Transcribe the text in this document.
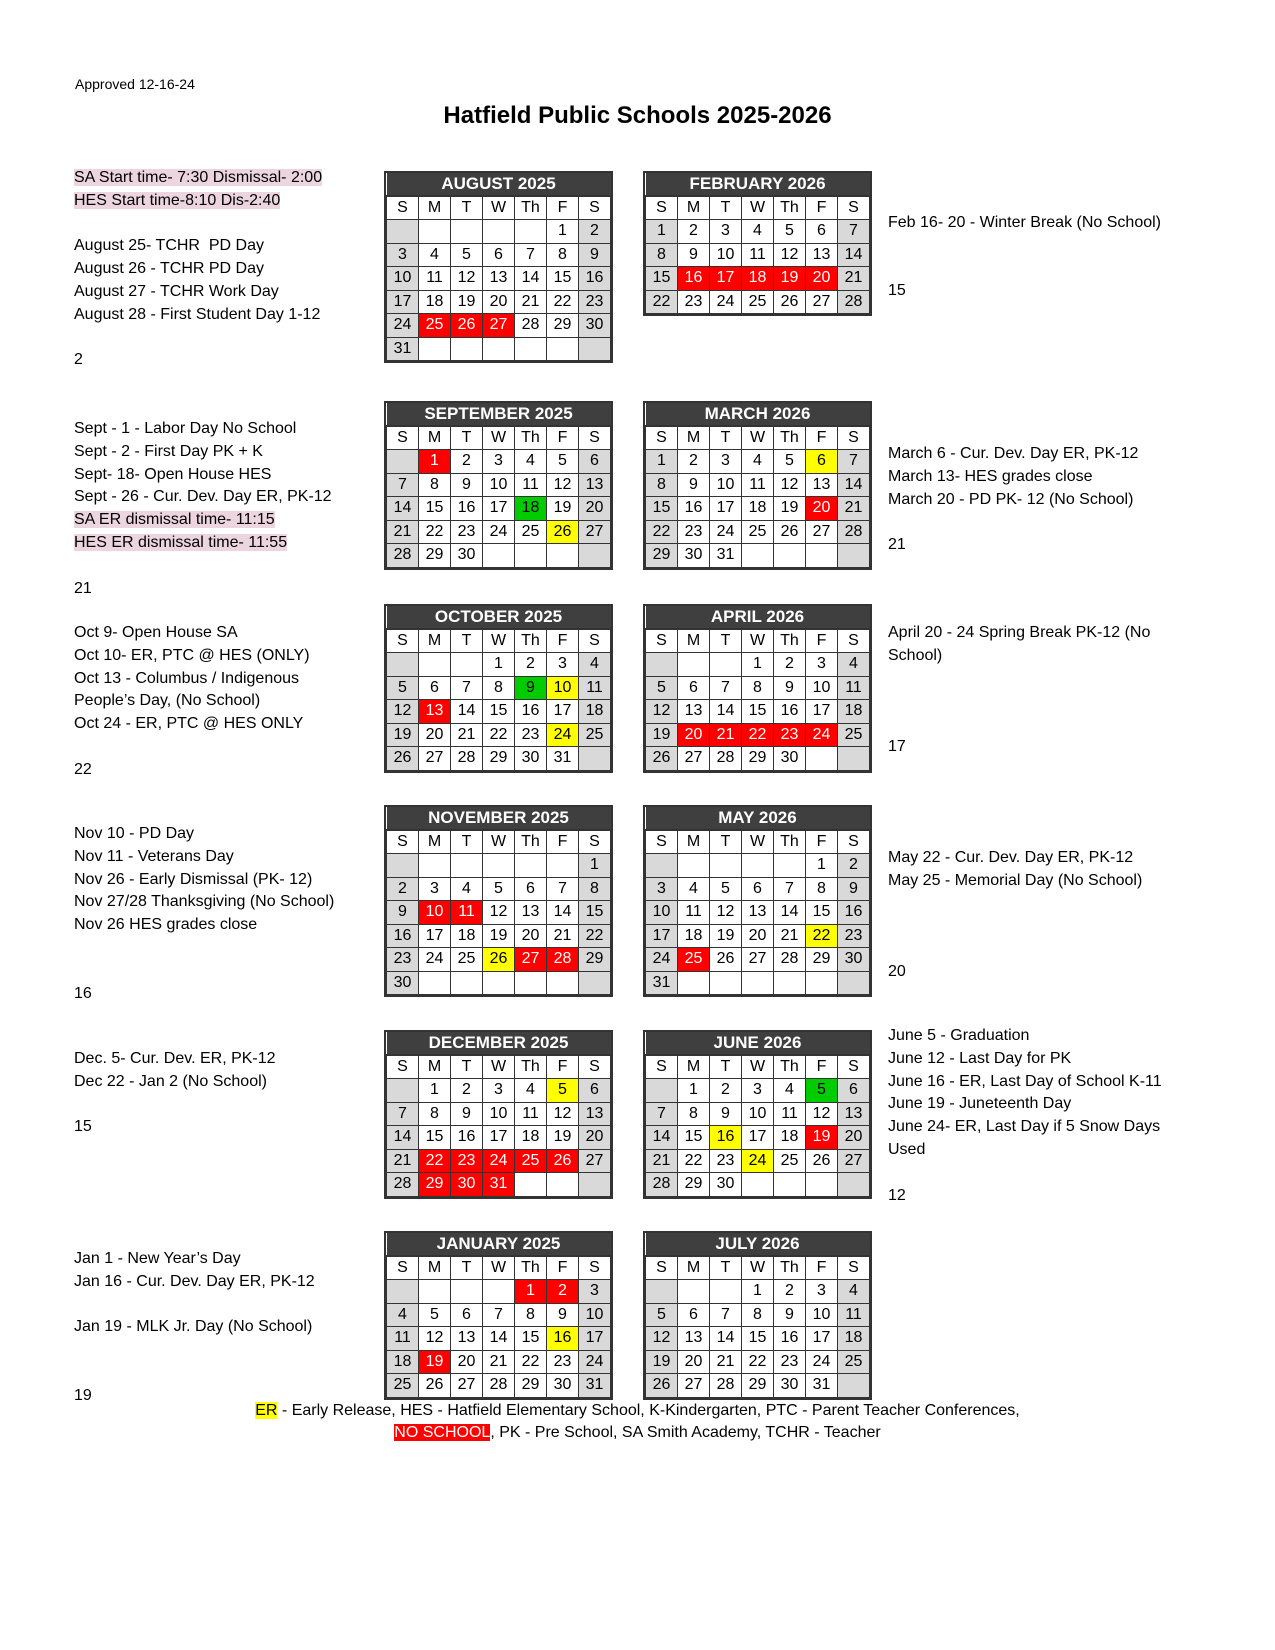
Approved 12-16-24
Hatfield Public Schools 2025-2026
AUGUST 2025						
S	M	T	W	Th	F	S
					1	2
3	4	5	6	7	8	9
10	11	12	13	14	15	16
17	18	19	20	21	22	23
24	25	26	27	28	29	30
31						
FEBRUARY 2026						
S	M	T	W	Th	F	S
1	2	3	4	5	6	7
8	9	10	11	12	13	14
15	16	17	18	19	20	21
22	23	24	25	26	27	28
SEPTEMBER 2025						
S	M	T	W	Th	F	S
	1	2	3	4	5	6
7	8	9	10	11	12	13
14	15	16	17	18	19	20
21	22	23	24	25	26	27
28	29	30				
MARCH 2026						
S	M	T	W	Th	F	S
1	2	3	4	5	6	7
8	9	10	11	12	13	14
15	16	17	18	19	20	21
22	23	24	25	26	27	28
29	30	31				
OCTOBER 2025						
S	M	T	W	Th	F	S
			1	2	3	4
5	6	7	8	9	10	11
12	13	14	15	16	17	18
19	20	21	22	23	24	25
26	27	28	29	30	31	
APRIL 2026						
S	M	T	W	Th	F	S
			1	2	3	4
5	6	7	8	9	10	11
12	13	14	15	16	17	18
19	20	21	22	23	24	25
26	27	28	29	30		
NOVEMBER 2025						
S	M	T	W	Th	F	S
						1
2	3	4	5	6	7	8
9	10	11	12	13	14	15
16	17	18	19	20	21	22
23	24	25	26	27	28	29
30						
MAY 2026						
S	M	T	W	Th	F	S
					1	2
3	4	5	6	7	8	9
10	11	12	13	14	15	16
17	18	19	20	21	22	23
24	25	26	27	28	29	30
31						
DECEMBER 2025						
S	M	T	W	Th	F	S
	1	2	3	4	5	6
7	8	9	10	11	12	13
14	15	16	17	18	19	20
21	22	23	24	25	26	27
28	29	30	31			
JUNE 2026						
S	M	T	W	Th	F	S
	1	2	3	4	5	6
7	8	9	10	11	12	13
14	15	16	17	18	19	20
21	22	23	24	25	26	27
28	29	30				
JANUARY 2025						
S	M	T	W	Th	F	S
				1	2	3
4	5	6	7	8	9	10
11	12	13	14	15	16	17
18	19	20	21	22	23	24
25	26	27	28	29	30	31
JULY 2026						
S	M	T	W	Th	F	S
			1	2	3	4
5	6	7	8	9	10	11
12	13	14	15	16	17	18
19	20	21	22	23	24	25
26	27	28	29	30	31	
SA Start time- 7:30 Dismissal- 2:00
HES Start time-8:10 Dis-2:40
August 25- TCHR  PD Day
August 26 - TCHR PD Day
August 27 - TCHR Work Day
August 28 - First Student Day 1-12
2
Sept - 1 - Labor Day No School
Sept - 2 - First Day PK + K
Sept- 18- Open House HES
Sept - 26 - Cur. Dev. Day ER, PK-12
SA ER dismissal time- 11:15
HES ER dismissal time- 11:55
21
Oct 9- Open House SA
Oct 10- ER, PTC @ HES (ONLY)
Oct 13 - Columbus / Indigenous
People’s Day, (No School)
Oct 24 - ER, PTC @ HES ONLY
22
Nov 10 - PD Day
Nov 11 - Veterans Day
Nov 26 - Early Dismissal (PK- 12)
Nov 27/28 Thanksgiving (No School)
Nov 26 HES grades close
16
Dec. 5- Cur. Dev. ER, PK-12
Dec 22 - Jan 2 (No School)
15
Jan 1 - New Year’s Day
Jan 16 - Cur. Dev. Day ER, PK-12
Jan 19 - MLK Jr. Day (No School)
19
Feb 16- 20 - Winter Break (No School)
15
March 6 - Cur. Dev. Day ER, PK-12
March 13- HES grades close
March 20 - PD PK- 12 (No School)
21
April 20 - 24 Spring Break PK-12 (No
School)
17
May 22 - Cur. Dev. Day ER, PK-12
May 25 - Memorial Day (No School)
20
June 5 - Graduation
June 12 - Last Day for PK
June 16 - ER, Last Day of School K-11
June 19 - Juneteenth Day
June 24- ER, Last Day if 5 Snow Days
Used
12
ER - Early Release, HES - Hatfield Elementary School, K-Kindergarten, PTC - Parent Teacher Conferences,
NO SCHOOL, PK - Pre School, SA Smith Academy, TCHR - Teacher
